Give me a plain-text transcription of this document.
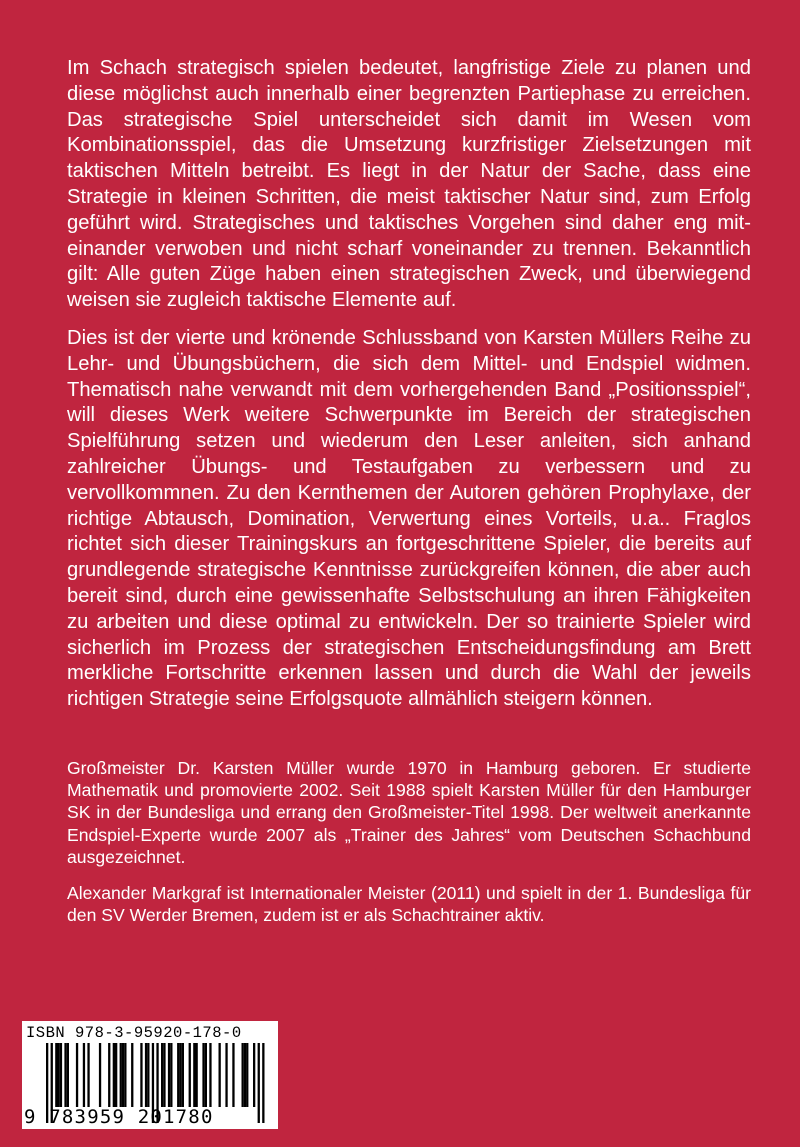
Im Schach strategisch spielen bedeutet, langfristige Ziele zu planen und diese möglichst auch innerhalb einer begrenzten Partiephase zu erreichen. Das strategische Spiel unterscheidet sich damit im Wesen vom Kombinationsspiel, das die Umsetzung kurzfristiger Zielsetzungen mit taktischen Mitteln betreibt. Es liegt in der Natur der Sache, dass eine Strategie in kleinen Schritten, die meist taktischer Natur sind, zum Erfolg geführt wird. Strategisches und taktisches Vorgehen sind daher eng miteinander verwoben und nicht scharf voneinander zu trennen. Bekanntlich gilt: Alle guten Züge haben einen strategischen Zweck, und überwiegend weisen sie zugleich taktische Elemente auf.

Dies ist der vierte und krönende Schlussband von Karsten Müllers Reihe zu Lehr- und Übungsbüchern, die sich dem Mittel- und Endspiel widmen. Thematisch nahe verwandt mit dem vorhergehenden Band „Positionsspiel“, will dieses Werk weitere Schwerpunkte im Bereich der strategischen Spielführung setzen und wiederum den Leser anleiten, sich anhand zahlreicher Übungs- und Testaufgaben zu verbessern und zu vervollkommnen. Zu den Kernthemen der Autoren gehören Prophylaxe, der richtige Abtausch, Domination, Verwertung eines Vorteils, u.a.. Fraglos richtet sich dieser Trainingskurs an fortgeschrittene Spieler, die bereits auf grundlegende strategische Kenntnisse zurückgreifen können, die aber auch bereit sind, durch eine gewissenhafte Selbstschulung an ihren Fähigkeiten zu arbeiten und diese optimal zu entwickeln. Der so trainierte Spieler wird sicherlich im Prozess der strategischen Entscheidungsfindung am Brett merkliche Fortschritte erkennen lassen und durch die Wahl der jeweils richtigen Strategie seine Erfolgsquote allmählich steigern können.

Großmeister Dr. Karsten Müller wurde 1970 in Hamburg geboren. Er studierte Mathematik und promovierte 2002. Seit 1988 spielt Karsten Müller für den Hamburger SK in der Bundesliga und errang den Großmeister-Titel 1998. Der weltweit anerkannte Endspiel-Experte wurde 2007 als „Trainer des Jahres“ vom Deutschen Schachbund ausgezeichnet.

Alexander Markgraf ist Internationaler Meister (2011) und spielt in der 1. Bundesliga für den SV Werder Bremen, zudem ist er als Schachtrainer aktiv.

ISBN 978-3-95920-178-0
9 783959 201780
